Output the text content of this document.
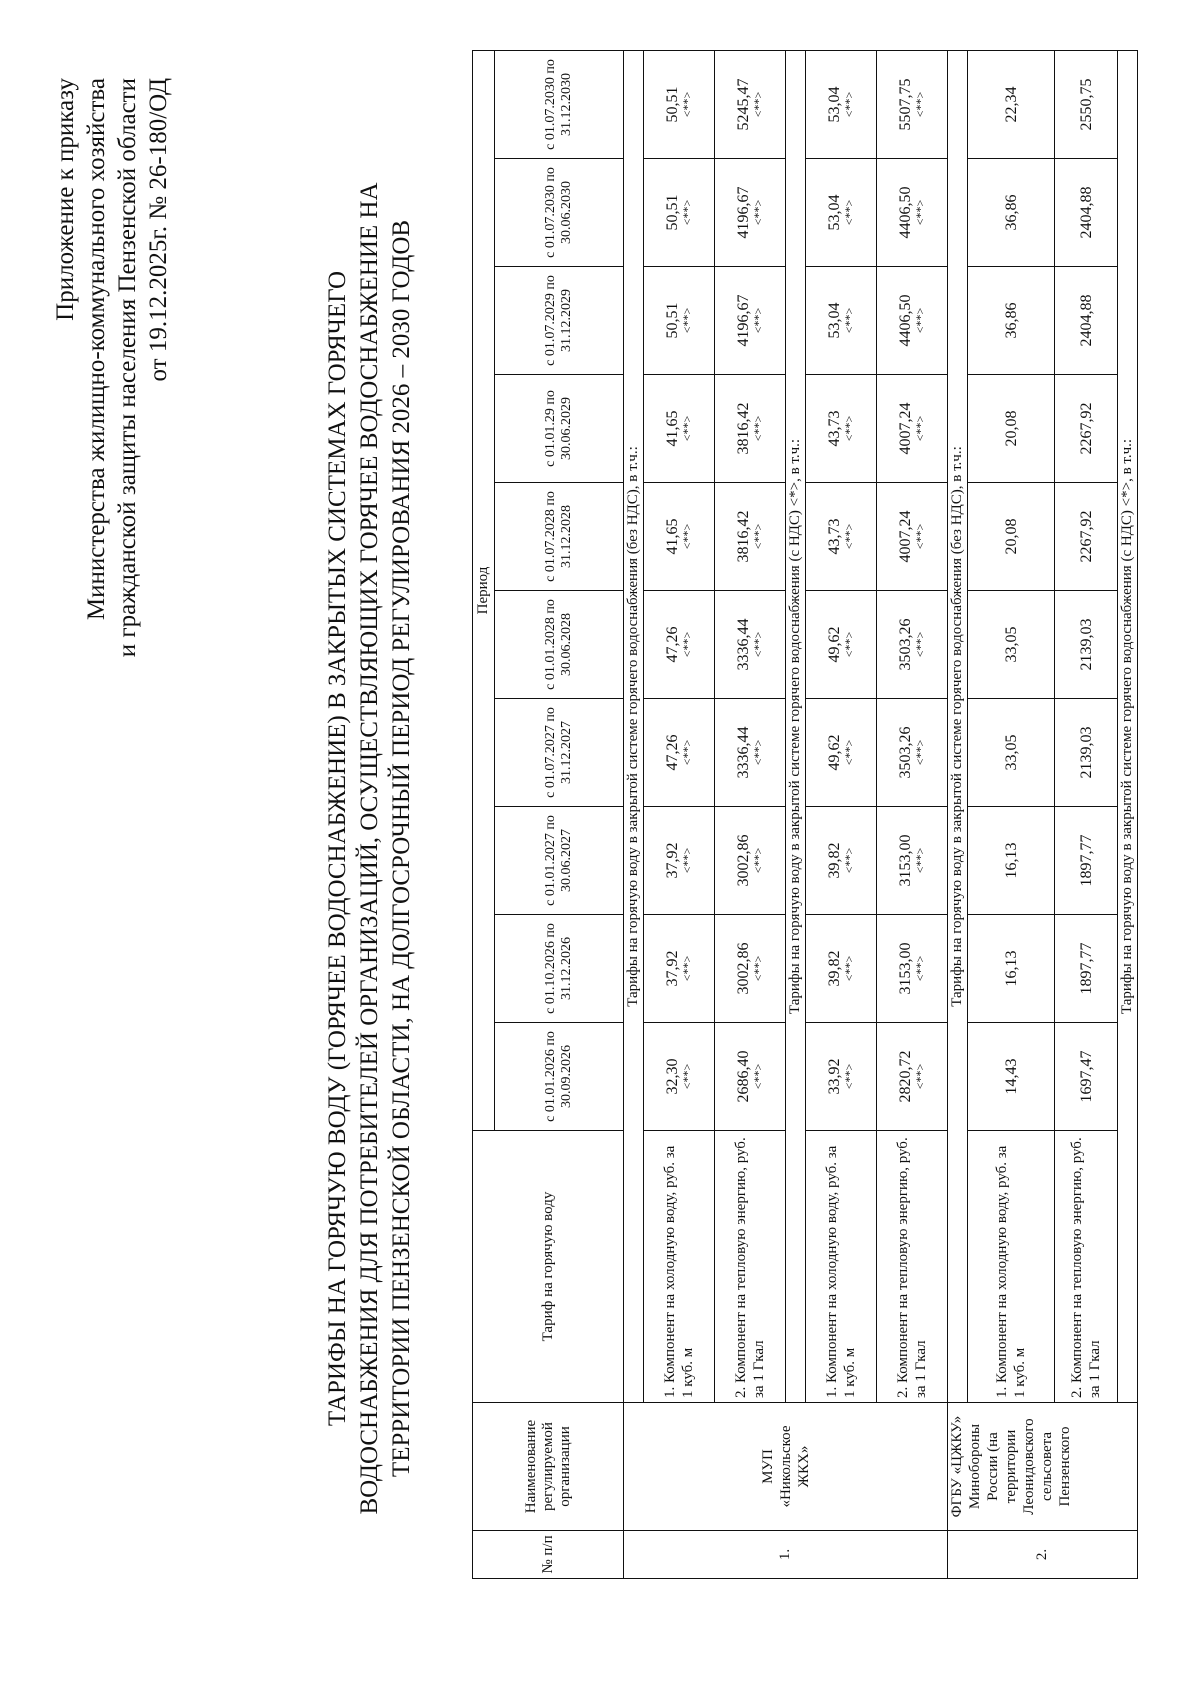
Приложение к приказу Министерства жилищно-коммунального хозяйства и гражданской защиты населения Пензенской области от 19.12.2025г. № 26-180/ОД
ТАРИФЫ НА ГОРЯЧУЮ ВОДУ (ГОРЯЧЕЕ ВОДОСНАБЖЕНИЕ) В ЗАКРЫТЫХ СИСТЕМАХ ГОРЯЧЕГО ВОДОСНАБЖЕНИЯ ДЛЯ ПОТРЕБИТЕЛЕЙ ОРГАНИЗАЦИЙ, ОСУЩЕСТВЛЯЮЩИХ ГОРЯЧЕЕ ВОДОСНАБЖЕНИЕ НА ТЕРРИТОРИИ ПЕНЗЕНСКОЙ ОБЛАСТИ, НА ДОЛГОСРОЧНЫЙ ПЕРИОД РЕГУЛИРОВАНИЯ 2026 – 2030 ГОДОВ
№ п/п	Наименование регулируемой организации	Тариф на горячую воду	Период									
			с 01.01.2026 по 30.09.2026	с 01.10.2026 по 31.12.2026	с 01.01.2027 по 30.06.2027	с 01.07.2027 по 31.12.2027	с 01.01.2028 по 30.06.2028	с 01.07.2028 по 31.12.2028	с 01.01.29 по 30.06.2029	с 01.07.2029 по 31.12.2029	с 01.07.2030 по 30.06.2030	с 01.07.2030 по 31.12.2030
1.	МУП «Никольское ЖКХ»	Тарифы на горячую воду в закрытой системе горячего водоснабжения (без НДС), в т.ч.:										
		1. Компонент на холодную воду, руб. за 1 куб. м	32,30 <**>	37,92 <**>	37,92 <**>	47,26 <**>	47,26 <**>	41,65 <**>	41,65 <**>	50,51 <**>	50,51 <**>	50,51 <**>

		2. Компонент на тепловую энергию, руб. за 1 Гкал	2686,40 <**>	3002,86 <**>	3002,86 <**>	3336,44 <**>	3336,44 <**>	3816,42 <**>	3816,42 <**>	4196,67 <**>	4196,67 <**>	5245,47 <**>

		Тарифы на горячую воду в закрытой системе горячего водоснабжения (с НДС) <*>, в т.ч.:										
		1. Компонент на холодную воду, руб. за 1 куб. м	33,92 <**>	39,82 <**>	39,82 <**>	49,62 <**>	49,62 <**>	43,73 <**>	43,73 <**>	53,04 <**>	53,04 <**>	53,04 <**>

		2. Компонент на тепловую энергию, руб. за 1 Гкал	2820,72 <**>	3153,00 <**>	3153,00 <**>	3503,26 <**>	3503,26 <**>	4007,24 <**>	4007,24 <**>	4406,50 <**>	4406,50 <**>	5507,75 <**>

2.	ФГБУ «ЦЖКУ» Минобороны России (на территории Леонидовского сельсовета Пензенского	Тарифы на горячую воду в закрытой системе горячего водоснабжения (без НДС), в т.ч.:										
		1. Компонент на холодную воду, руб. за 1 куб. м	14,43	16,13	16,13	33,05	33,05	20,08	20,08	36,86	36,86	22,34
		2. Компонент на тепловую энергию, руб. за 1 Гкал	1697,47	1897,77	1897,77	2139,03	2139,03	2267,92	2267,92	2404,88	2404,88	2550,75
		Тарифы на горячую воду в закрытой системе горячего водоснабжения (с НДС) <*>, в т.ч.:										
